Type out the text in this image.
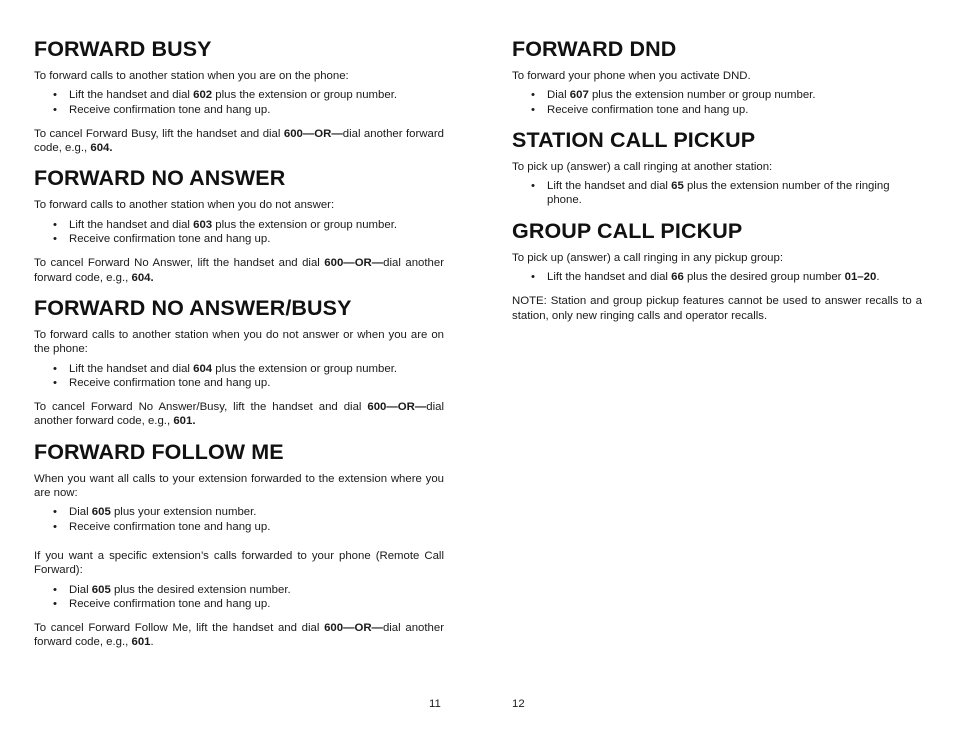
FORWARD BUSY

To forward calls to another station when you are on the phone:

• Lift the handset and dial 602 plus the extension or group number.
• Receive confirmation tone and hang up.

To cancel Forward Busy, lift the handset and dial 600—OR—dial another forward code, e.g., 604.

FORWARD NO ANSWER

To forward calls to another station when you do not answer:

• Lift the handset and dial 603 plus the extension or group number.
• Receive confirmation tone and hang up.

To cancel Forward No Answer, lift the handset and dial 600—OR—dial another forward code, e.g., 604.

FORWARD NO ANSWER/BUSY

To forward calls to another station when you do not answer or when you are on the phone:

• Lift the handset and dial 604 plus the extension or group number.
• Receive confirmation tone and hang up.

To cancel Forward No Answer/Busy, lift the handset and dial 600—OR—dial another forward code, e.g., 601.

FORWARD FOLLOW ME

When you want all calls to your extension forwarded to the extension where you are now:

• Dial 605 plus your extension number.
• Receive confirmation tone and hang up.

If you want a specific extension’s calls forwarded to your phone (Remote Call Forward):

• Dial 605 plus the desired extension number.
• Receive confirmation tone and hang up.

To cancel Forward Follow Me, lift the handset and dial 600—OR—dial another forward code, e.g., 601.

11
FORWARD DND

To forward your phone when you activate DND.

• Dial 607 plus the extension number or group number.
• Receive confirmation tone and hang up.
STATION CALL PICKUP

To pick up (answer) a call ringing at another station:

• Lift the handset and dial 65 plus the extension number of the ringing phone.
GROUP CALL PICKUP

To pick up (answer) a call ringing in any pickup group:

• Lift the handset and dial 66 plus the desired group number 01–20.

NOTE: Station and group pickup features cannot be used to answer recalls to a station, only new ringing calls and operator recalls.

12
